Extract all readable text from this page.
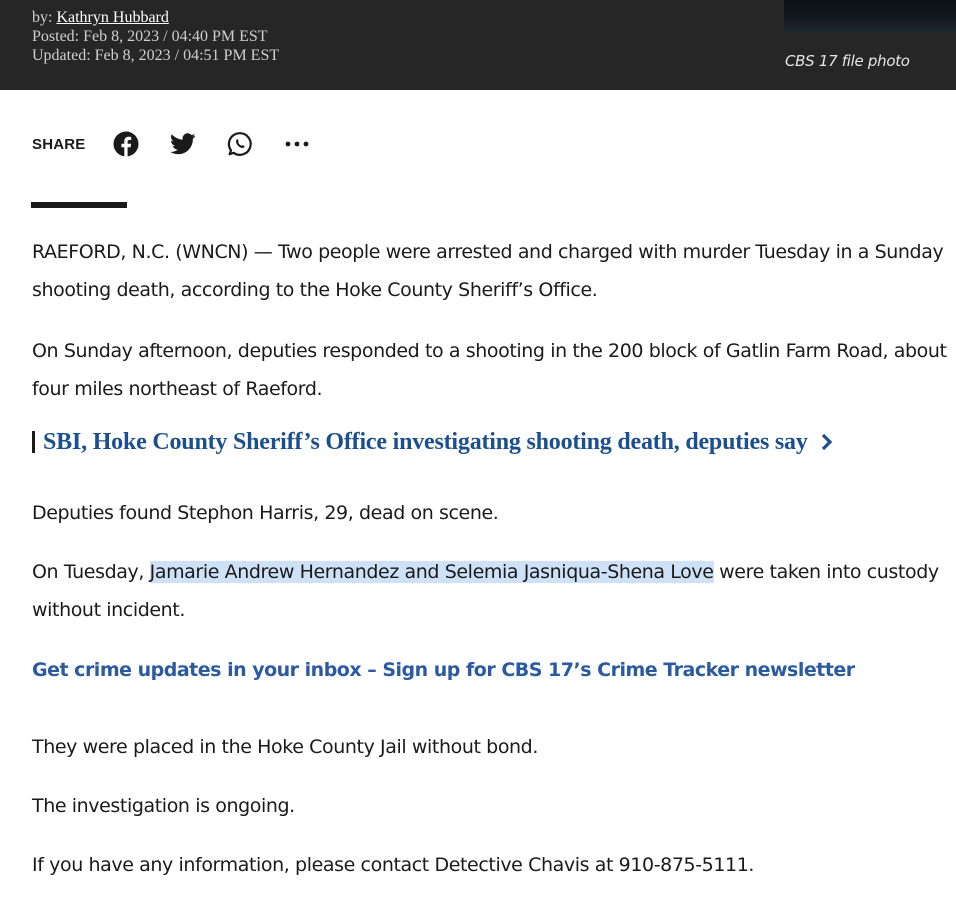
by: Kathryn Hubbard
Posted: Feb 8, 2023 / 04:40 PM EST
Updated: Feb 8, 2023 / 04:51 PM EST	CBS 17 file photo
SHARE

RAEFORD, N.C. (WNCN) — Two people were arrested and charged with murder Tuesday in a Sunday shooting death, according to the Hoke County Sheriff’s Office.

On Sunday afternoon, deputies responded to a shooting in the 200 block of Gatlin Farm Road, about four miles northeast of Raeford.

SBI, Hoke County Sheriff’s Office investigating shooting death, deputies say

Deputies found Stephon Harris, 29, dead on scene.

On Tuesday, Jamarie Andrew Hernandez and Selemia Jasniqua-Shena Love were taken into custody without incident.

Get crime updates in your inbox – Sign up for CBS 17’s Crime Tracker newsletter

They were placed in the Hoke County Jail without bond.

The investigation is ongoing.

If you have any information, please contact Detective Chavis at 910-875-5111.
